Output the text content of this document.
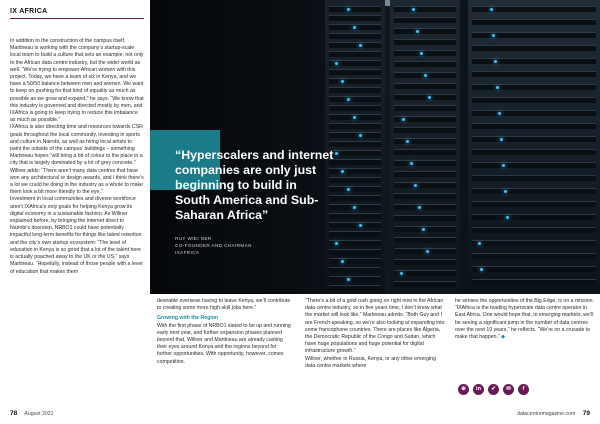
IX AFRICA
“Hyperscalers and internet companies are only just beginning to build in South America and Sub-Saharan Africa”
RUY WIEI NER
CO-FOUNDER AND CHAIRMAN
IXAFRICA

In addition to the construction of the campus itself, Martineau is working with the company’s startup-scale local team to build a culture that sets an example, not only to the African data centre industry, but the wider world as well. “We’re trying to empower African women with this project. Today, we have a team of six in Kenya, and we have a 50/50 balance between men and women. We want to keep on pushing for that kind of equality as much as possible as we grow and expand,” he says. “We know that this industry is governed and directed mostly by men, and IXAfrica is going to keep trying to reduce this imbalance as much as possible.”

IXAfrica is also directing time and resources towards CSR goals throughout the local community, investing in sports and culture in Nairobi, as well as hiring local artists to paint the outside of the campus’ buildings – something Martineau hopes “will bring a bit of colour to the place in a city that is largely dominated by a lot of grey concrete.”

Willner adds: “There aren’t many data centres that have won any architectural or design awards, and I think there’s a lot we could be doing in the industry as a whole to make them look a bit more friendly to the eye.”

Investment in local communities and diverse workforce aren’t IXAfrica’s only goals for helping Kenya grow its digital economy in a sustainable fashion. As Willner explained before, by bringing the internet direct to Nairobi’s doorstep, NRBO1 could have potentially impactful long-term benefits for things like talent retention and the city’s own startup ecosystem: “The level of education in Kenya is so good that a lot of the talent here is actually poached away to the UK or the US,” says Martineau. “Hopefully, instead of those people with a level of education that makes them

desirable overseas having to leave Kenya, we’ll contribute to creating some more high-skill jobs here.”

Growing with the Region

With the first phase of NRBO1 slated to be up and running early next year, and further expansion phases planned beyond that, Willner and Martineau are already casting their eyes around Kenya and the regions beyond for further opportunities. With opportunity, however, comes competition.

“There’s a bit of a gold rush going on right now in the African data centre industry, so in five years time, I don’t know what the market will look like,” Martineau admits. “Both Guy and I are French-speaking, so we’re also looking at expanding into some francophone countries. There are places like Algeria, the Democratic Republic of the Congo and Sudan, which have huge populations and huge potential for digital infrastructure growth.”

Willner, whether in Russia, Kenya, or any other emerging data centre markets where

he senses the opportunities of the Big Edge, is on a mission. “IXAfrica is the leading hyperscale data centre operator in East Africa. One would hope that, in emerging markets, we’ll be seeing a significant jump in the number of data centres over the next 10 years,” he reflects. “We’re on a crusade to make that happen.” ◆

⊕	in	✔	✉	f
78 August 2021	datacentremagazine.com 79
